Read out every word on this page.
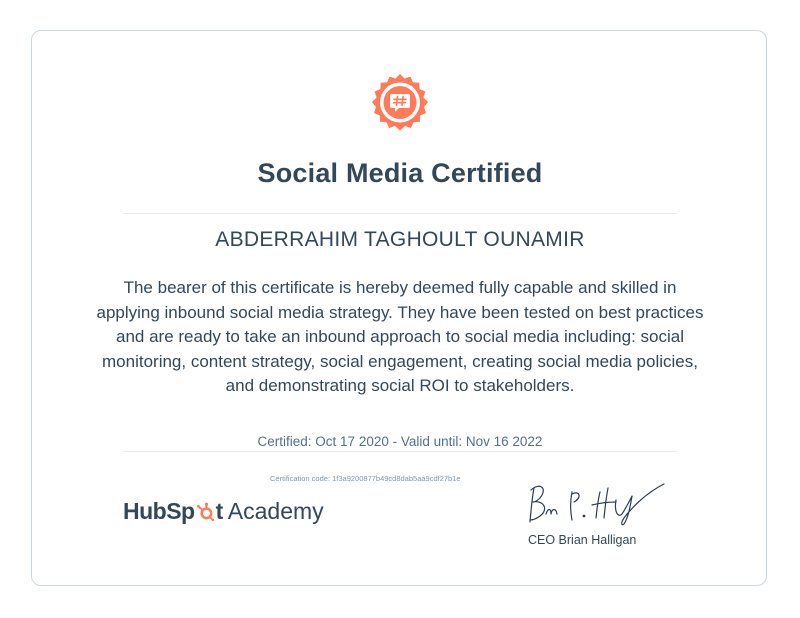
Social Media Certified
ABDERRAHIM TAGHOULT OUNAMIR
The bearer of this certificate is hereby deemed fully capable and skilled in applying inbound social media strategy. They have been tested on best practices and are ready to take an inbound approach to social media including: social monitoring, content strategy, social engagement, creating social media policies, and demonstrating social ROI to stakeholders.
Certified: Oct 17 2020 - Valid until: Nov 16 2022
Certification code: 1f3a9200877b49cd8dab5aa9cdf27b1e
HubSp t Academy
CEO Brian Halligan
